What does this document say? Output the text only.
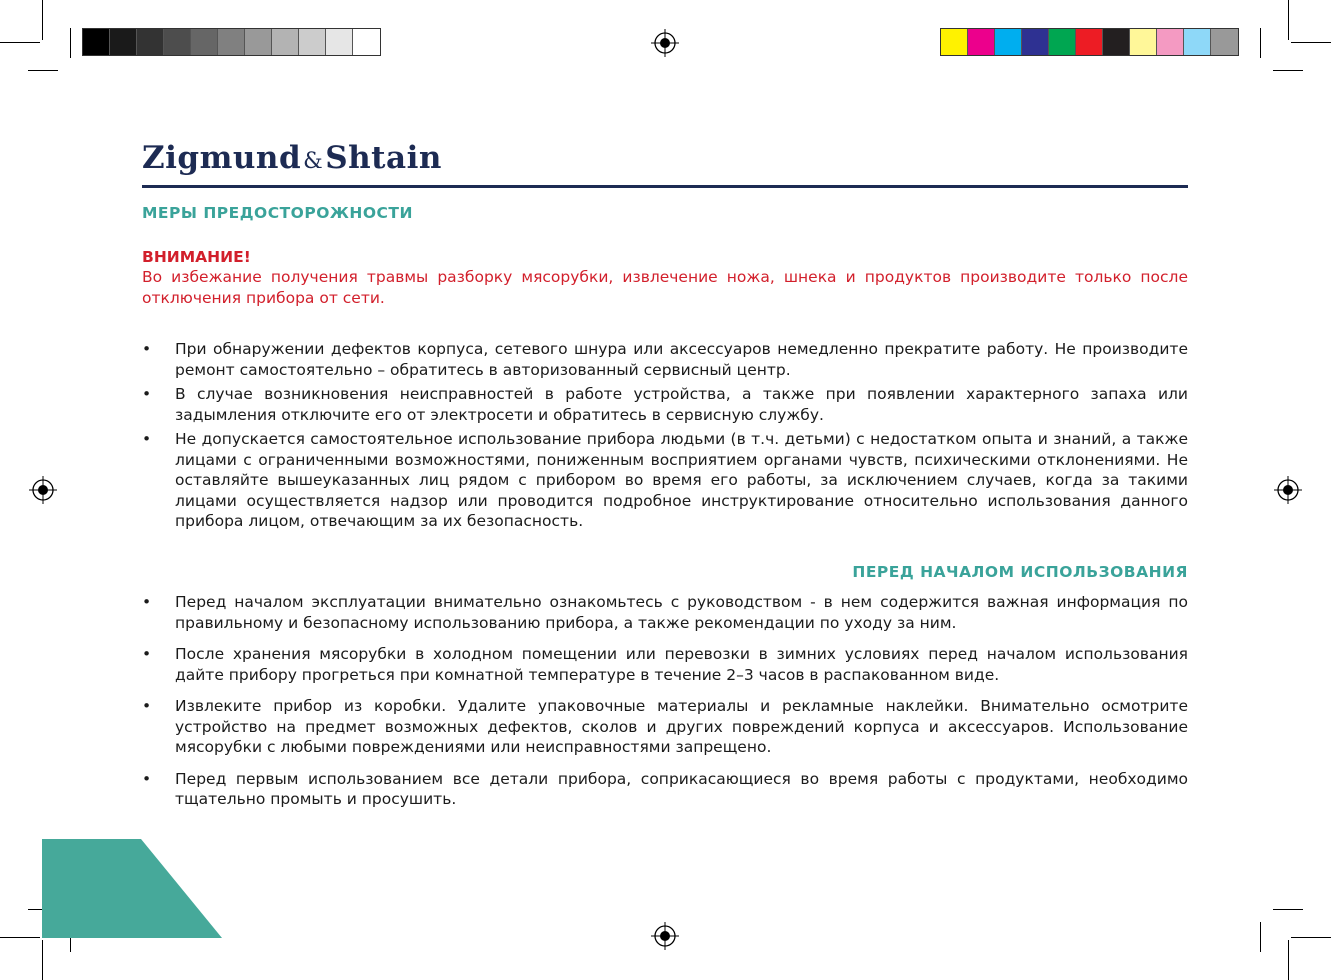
Zigmund&Shtain
МЕРЫ ПРЕДОСТОРОЖНОСТИ
ВНИМАНИЕ!
Во избежание получения травмы разборку мясорубки, извлечение ножа, шнека и продуктов производите только после отключения прибора от сети.
• При обнаружении дефектов корпуса, сетевого шнура или аксессуаров немедленно прекратите работу. Не производите ремонт самостоятельно – обратитесь в авторизованный сервисный центр.
• В случае возникновения неисправностей в работе устройства, а также при появлении характерного запаха или задымления отключите его от электросети и обратитесь в сервисную службу.
• Не допускается самостоятельное использование прибора людьми (в т.ч. детьми) с недостатком опыта и знаний, а также лицами с ограниченными возможностями, пониженным восприятием органами чувств, психическими отклонениями. Не оставляйте вышеуказанных лиц рядом с прибором во время его работы, за исключением случаев, когда за такими лицами осуществляется надзор или проводится подробное инструктирование относительно использования данного прибора лицом, отвечающим за их безопасность.
ПЕРЕД НАЧАЛОМ ИСПОЛЬЗОВАНИЯ
• Перед началом эксплуатации внимательно ознакомьтесь с руководством - в нем содержится важная информация по правильному и безопасному использованию прибора, а также рекомендации по уходу за ним.
• После хранения мясорубки в холодном помещении или перевозки в зимних условиях перед началом использования дайте прибору прогреться при комнатной температуре в течение 2–3 часов в распакованном виде.
• Извлеките прибор из коробки. Удалите упаковочные материалы и рекламные наклейки. Внимательно осмотрите устройство на предмет возможных дефектов, сколов и других повреждений корпуса и аксессуаров. Использование мясорубки с любыми повреждениями или неисправностями запрещено.
• Перед первым использованием все детали прибора, соприкасающиеся во время работы с продуктами, необходимо тщательно промыть и просушить.
